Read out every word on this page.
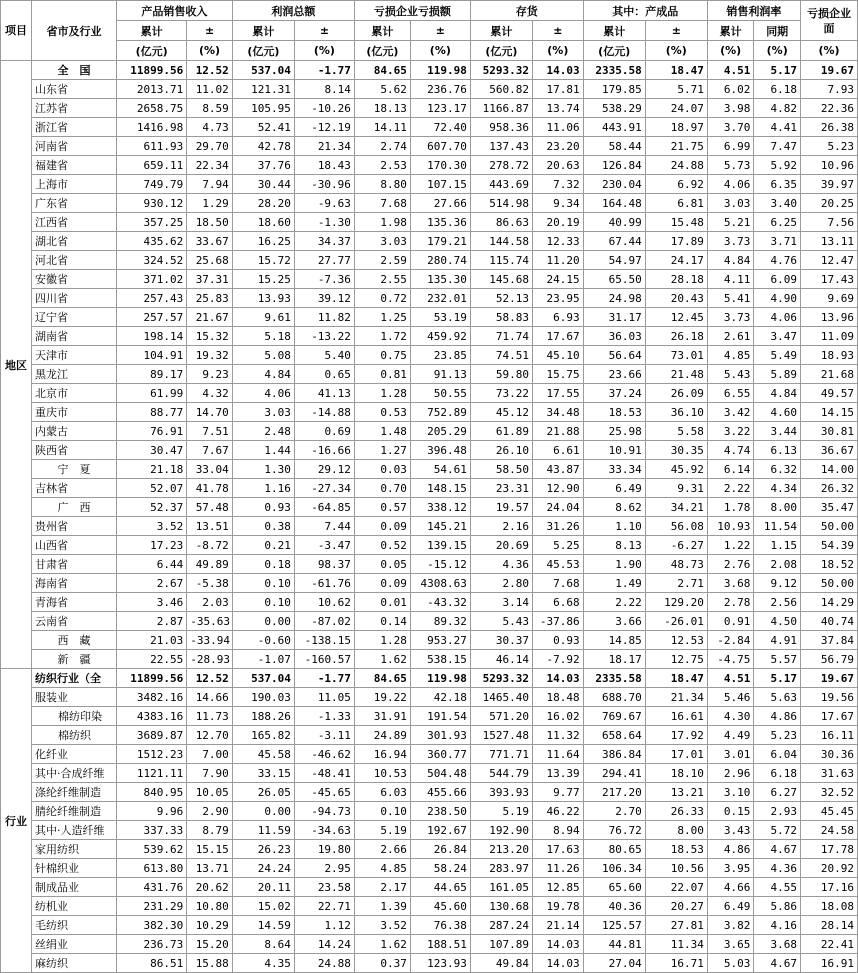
项目	省市及行业	产品销售收入		利润总额		亏损企业亏损额		存货		其中：产成品		销售利润率		亏损企业面
		累计	±	累计	±	累计	±	累计	±	累计	±	累计	同期	
		(亿元)	(%)	(亿元)	(%)	(亿元)	(%)	(亿元)	(%)	(亿元)	(%)	(%)	(%)	(%)
地区	全　国	11899.56	12.52	537.04	-1.77	84.65	119.98	5293.32	14.03	2335.58	18.47	4.51	5.17	19.67
	山东省	2013.71	11.02	121.31	8.14	5.62	236.76	560.82	17.81	179.85	5.71	6.02	6.18	7.93
	江苏省	2658.75	8.59	105.95	-10.26	18.13	123.17	1166.87	13.74	538.29	24.07	3.98	4.82	22.36
	浙江省	1416.98	4.73	52.41	-12.19	14.11	72.40	958.36	11.06	443.91	18.97	3.70	4.41	26.38
	河南省	611.93	29.70	42.78	21.34	2.74	607.70	137.43	23.20	58.44	21.75	6.99	7.47	5.23
	福建省	659.11	22.34	37.76	18.43	2.53	170.30	278.72	20.63	126.84	24.88	5.73	5.92	10.96
	上海市	749.79	7.94	30.44	-30.96	8.80	107.15	443.69	7.32	230.04	6.92	4.06	6.35	39.97
	广东省	930.12	1.29	28.20	-9.63	7.68	27.66	514.98	9.34	164.48	6.81	3.03	3.40	20.25
	江西省	357.25	18.50	18.60	-1.30	1.98	135.36	86.63	20.19	40.99	15.48	5.21	6.25	7.56
	湖北省	435.62	33.67	16.25	34.37	3.03	179.21	144.58	12.33	67.44	17.89	3.73	3.71	13.11
	河北省	324.52	25.68	15.72	27.77	2.59	280.74	115.74	11.20	54.97	24.17	4.84	4.76	12.47
	安徽省	371.02	37.31	15.25	-7.36	2.55	135.30	145.68	24.15	65.50	28.18	4.11	6.09	17.43
	四川省	257.43	25.83	13.93	39.12	0.72	232.01	52.13	23.95	24.98	20.43	5.41	4.90	9.69
	辽宁省	257.57	21.67	9.61	11.82	1.25	53.19	58.83	6.93	31.17	12.45	3.73	4.06	13.96
	湖南省	198.14	15.32	5.18	-13.22	1.72	459.92	71.74	17.67	36.03	26.18	2.61	3.47	11.09
	天津市	104.91	19.32	5.08	5.40	0.75	23.85	74.51	45.10	56.64	73.01	4.85	5.49	18.93
	黑龙江	89.17	9.23	4.84	0.65	0.81	91.13	59.80	15.75	23.66	21.48	5.43	5.89	21.68
	北京市	61.99	4.32	4.06	41.13	1.28	50.55	73.22	17.55	37.24	26.09	6.55	4.84	49.57
	重庆市	88.77	14.70	3.03	-14.88	0.53	752.89	45.12	34.48	18.53	36.10	3.42	4.60	14.15
	内蒙古	76.91	7.51	2.48	0.69	1.48	205.29	61.89	21.88	25.98	5.58	3.22	3.44	30.81
	陕西省	30.47	7.67	1.44	-16.66	1.27	396.48	26.10	6.61	10.91	30.35	4.74	6.13	36.67
	宁　夏	21.18	33.04	1.30	29.12	0.03	54.61	58.50	43.87	33.34	45.92	6.14	6.32	14.00
	吉林省	52.07	41.78	1.16	-27.34	0.70	148.15	23.31	12.90	6.49	9.31	2.22	4.34	26.32
	广　西	52.37	57.48	0.93	-64.85	0.57	338.12	19.57	24.04	8.62	34.21	1.78	8.00	35.47
	贵州省	3.52	13.51	0.38	7.44	0.09	145.21	2.16	31.26	1.10	56.08	10.93	11.54	50.00
	山西省	17.23	-8.72	0.21	-3.47	0.52	139.15	20.69	5.25	8.13	-6.27	1.22	1.15	54.39
	甘肃省	6.44	49.89	0.18	98.37	0.05	-15.12	4.36	45.53	1.90	48.73	2.76	2.08	18.52
	海南省	2.67	-5.38	0.10	-61.76	0.09	4308.63	2.80	7.68	1.49	2.71	3.68	9.12	50.00
	青海省	3.46	2.03	0.10	10.62	0.01	-43.32	3.14	6.68	2.22	129.20	2.78	2.56	14.29
	云南省	2.87	-35.63	0.00	-87.02	0.14	89.32	5.43	-37.86	3.66	-26.01	0.91	4.50	40.74
	西　藏	21.03	-33.94	-0.60	-138.15	1.28	953.27	30.37	0.93	14.85	12.53	-2.84	4.91	37.84
	新　疆	22.55	-28.93	-1.07	-160.57	1.62	538.15	46.14	-7.92	18.17	12.75	-4.75	5.57	56.79
行业	纺织行业（全	11899.56	12.52	537.04	-1.77	84.65	119.98	5293.32	14.03	2335.58	18.47	4.51	5.17	19.67
	服装业	3482.16	14.66	190.03	11.05	19.22	42.18	1465.40	18.48	688.70	21.34	5.46	5.63	19.56
	棉纺印染	4383.16	11.73	188.26	-1.33	31.91	191.54	571.20	16.02	769.67	16.61	4.30	4.86	17.67
	棉纺织	3689.87	12.70	165.82	-3.11	24.89	301.93	1527.48	11.32	658.64	17.92	4.49	5.23	16.11
	化纤业	1512.23	7.00	45.58	-46.62	16.94	360.77	771.71	11.64	386.84	17.01	3.01	6.04	30.36
	其中·合成纤维	1121.11	7.90	33.15	-48.41	10.53	504.48	544.79	13.39	294.41	18.10	2.96	6.18	31.63
	涤纶纤维制造	840.95	10.05	26.05	-45.65	6.03	455.66	393.93	9.77	217.20	13.21	3.10	6.27	32.52
	腈纶纤维制造	9.96	2.90	0.00	-94.73	0.10	238.50	5.19	46.22	2.70	26.33	0.15	2.93	45.45
	其中·人造纤维	337.33	8.79	11.59	-34.63	5.19	192.67	192.90	8.94	76.72	8.00	3.43	5.72	24.58
	家用纺织	539.62	15.15	26.23	19.80	2.66	26.84	213.20	17.63	80.65	18.53	4.86	4.67	17.78
	针棉织业	613.80	13.71	24.24	2.95	4.85	58.24	283.97	11.26	106.34	10.56	3.95	4.36	20.92
	制成品业	431.76	20.62	20.11	23.58	2.17	44.65	161.05	12.85	65.60	22.07	4.66	4.55	17.16
	纺机业	231.29	10.80	15.02	22.71	1.39	45.60	130.68	19.78	40.36	20.27	6.49	5.86	18.08
	毛纺织	382.30	10.29	14.59	1.12	3.52	76.38	287.24	21.14	125.57	27.81	3.82	4.16	28.14
	丝绢业	236.73	15.20	8.64	14.24	1.62	188.51	107.89	14.03	44.81	11.34	3.65	3.68	22.41
	麻纺织	86.51	15.88	4.35	24.88	0.37	123.93	49.84	14.03	27.04	16.71	5.03	4.67	16.91
